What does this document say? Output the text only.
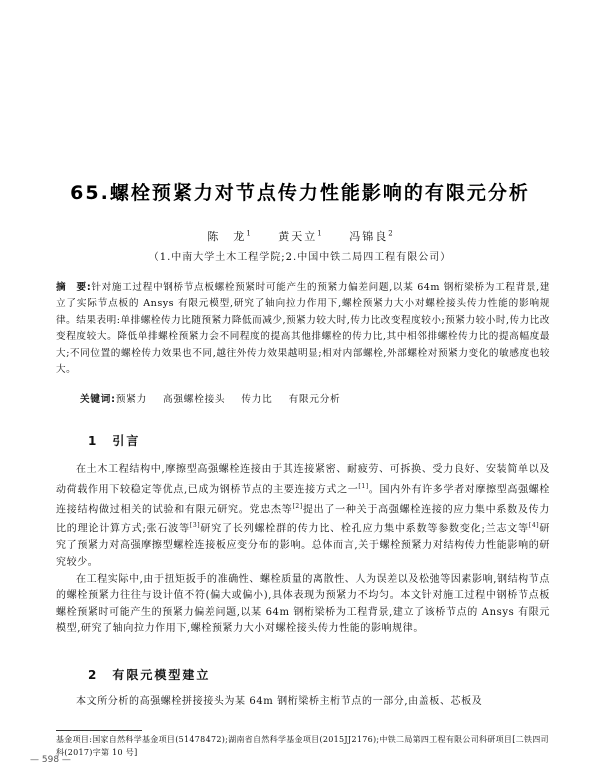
65.螺栓预紧力对节点传力性能影响的有限元分析
陈　龙$^1$ 黄天立$^1$ 冯锦良$^2$
（1.中南大学土木工程学院;2.中国中铁二局四工程有限公司）
摘　要:针对施工过程中钢桥节点板螺栓预紧时可能产生的预紧力偏差问题,以某 64m 钢桁梁桥为工程背景,建立了实际节点板的 Ansys 有限元模型,研究了轴向拉力作用下,螺栓预紧力大小对螺栓接头传力性能的影响规律。结果表明:单排螺栓传力比随预紧力降低而减少,预紧力较大时,传力比改变程度较小;预紧力较小时,传力比改变程度较大。降低单排螺栓预紧力会不同程度的提高其他排螺栓的传力比,其中相邻排螺栓传力比的提高幅度最大;不同位置的螺栓传力效果也不同,越往外传力效果越明显;相对内部螺栓,外部螺栓对预紧力变化的敏感度也较大。
关键词:预紧力 高强螺栓接头 传力比 有限元分析
1 引言

在土木工程结构中,摩擦型高强螺栓连接由于其连接紧密、耐疲劳、可拆换、受力良好、安装简单以及动荷载作用下较稳定等优点,已成为钢桥节点的主要连接方式之一[1]。国内外有许多学者对摩擦型高强螺栓连接结构做过相关的试验和有限元研究。党忠杰等[2]提出了一种关于高强螺栓连接的应力集中系数及传力比的理论计算方式;张石波等[3]研究了长列螺栓群的传力比、栓孔应力集中系数等参数变化;兰志文等[4]研究了预紧力对高强摩擦型螺栓连接板应变分布的影响。总体而言,关于螺栓预紧力对结构传力性能影响的研究较少。

在工程实际中,由于扭矩扳手的准确性、螺栓质量的离散性、人为误差以及松弛等因素影响,钢结构节点的螺栓预紧力往往与设计值不符(偏大或偏小),具体表现为预紧力不均匀。本文针对施工过程中钢桥节点板螺栓预紧时可能产生的预紧力偏差问题,以某 64m 钢桁梁桥为工程背景,建立了该桥节点的 Ansys 有限元模型,研究了轴向拉力作用下,螺栓预紧力大小对螺栓接头传力性能的影响规律。

2 有限元模型建立

本文所分析的高强螺栓拼接接头为某 64m 钢桁梁桥主桁节点的一部分,由盖板、芯板及

基金项目:国家自然科学基金项目(51478472);湖南省自然科学基金项目(2015JJ2176);中铁二局第四工程有限公司科研项目[二铁四司科(2017)字第 10 号]
— 598 —
